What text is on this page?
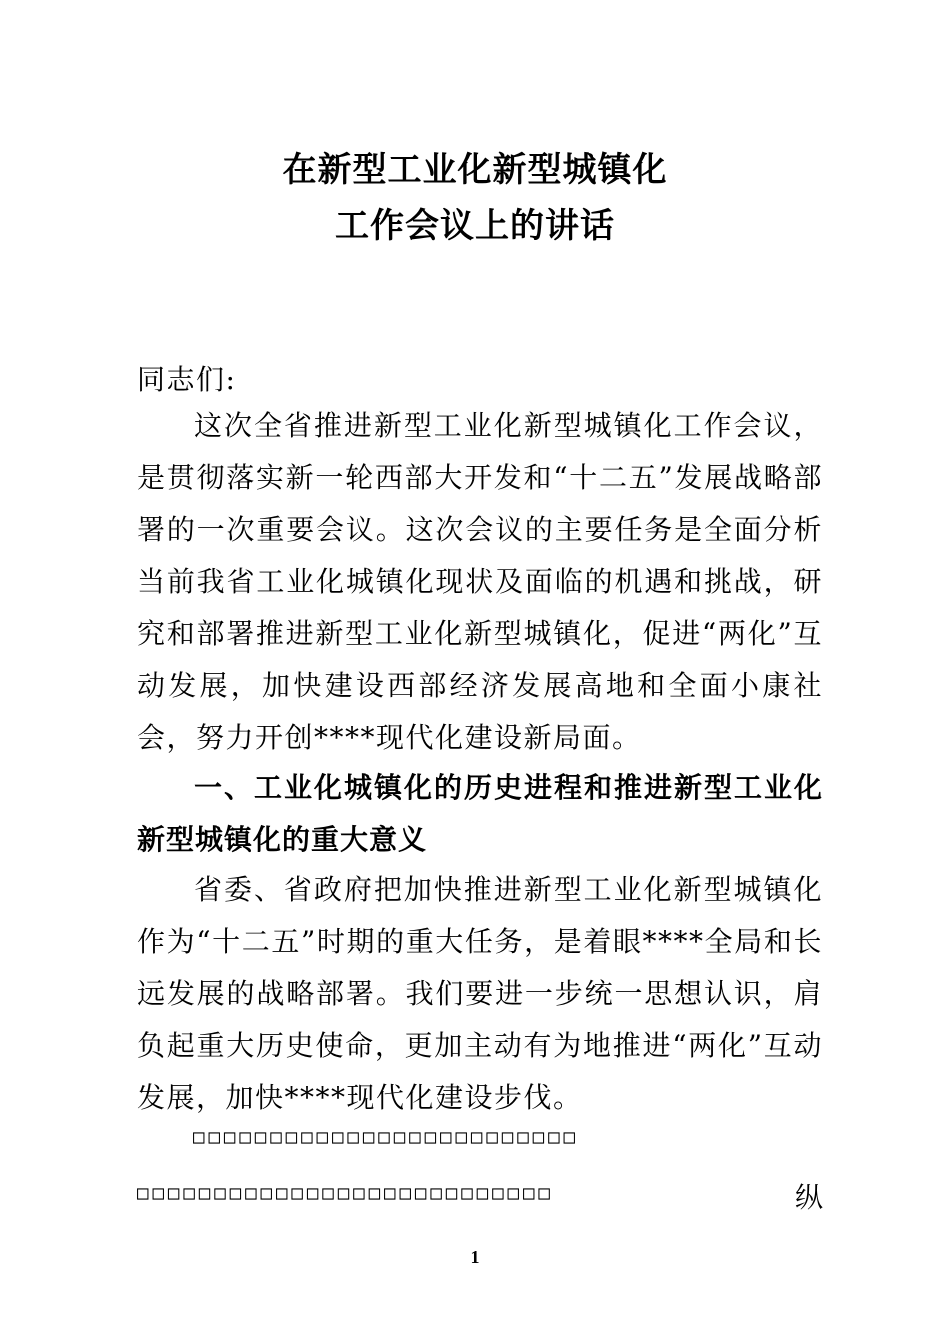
在新型工业化新型城镇化
工作会议上的讲话
同志们:
这次全省推进新型工业化新型城镇化工作会议，是贯彻落实新一轮西部大开发和“十二五”发展战略部署的一次重要会议。这次会议的主要任务是全面分析当前我省工业化城镇化现状及面临的机遇和挑战，研究和部署推进新型工业化新型城镇化，促进“两化”互动发展，加快建设西部经济发展高地和全面小康社会，努力开创****现代化建设新局面。
一、工业化城镇化的历史进程和推进新型工业化新型城镇化的重大意义
省委、省政府把加快推进新型工业化新型城镇化作为“十二五”时期的重大任务，是着眼****全局和长远发展的战略部署。我们要进一步统一思想认识，肩负起重大历史使命，更加主动有为地推进“两化”互动发展，加快****现代化建设步伐。
□□□□□□□□□□□□□□□□□□□□□□□□□
□□□□□□□□□□□□□□□□□□□□□□□□□□□	纵
1
